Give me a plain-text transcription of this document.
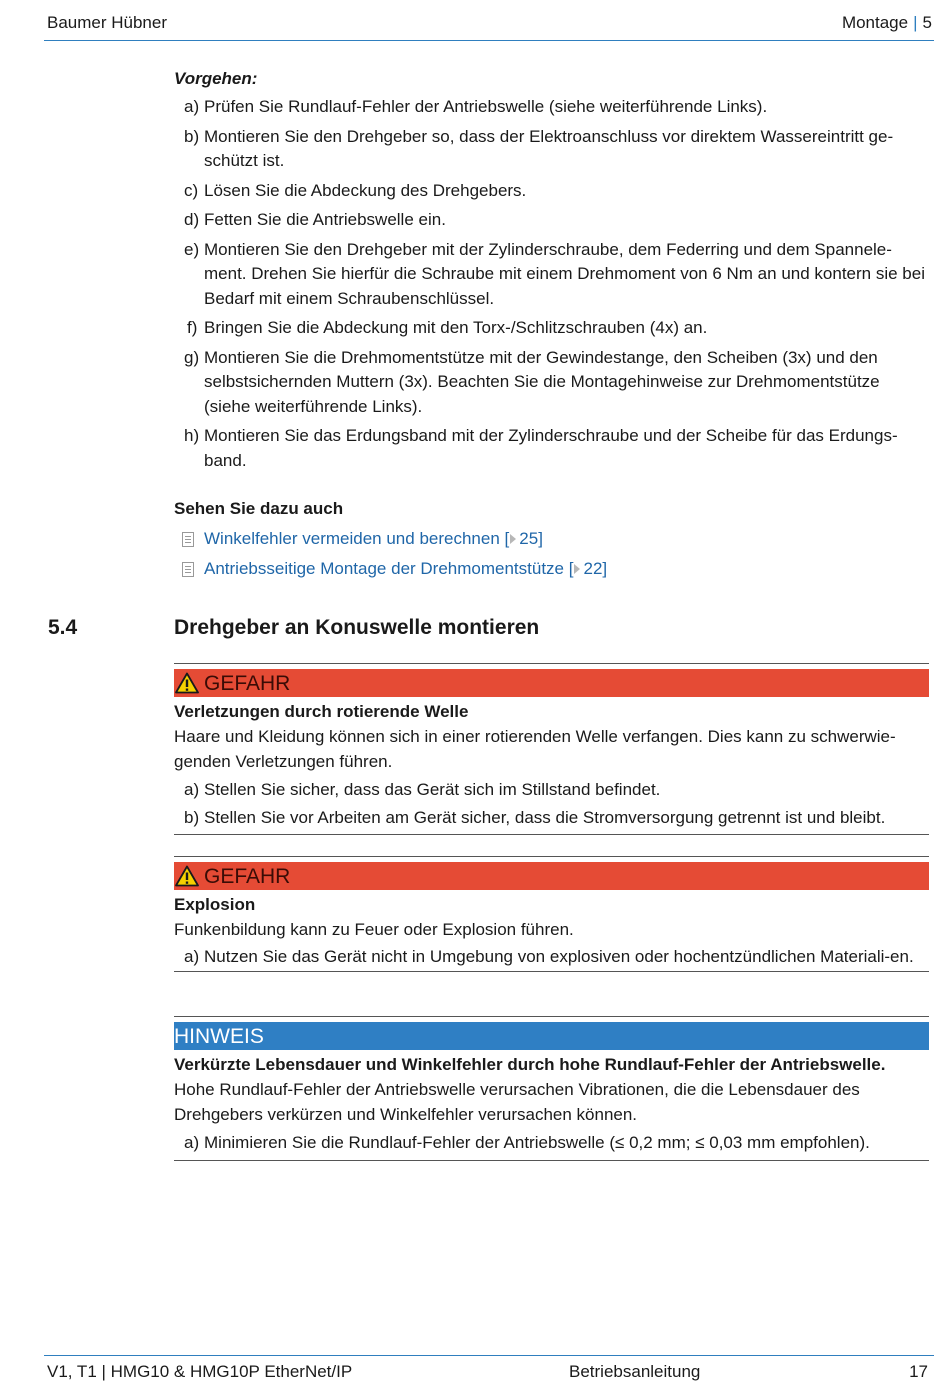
Baumer Hübner	Montage | 5
Vorgehen:
a) Prüfen Sie Rundlauf-Fehler der Antriebswelle (siehe weiterführende Links).
b) Montieren Sie den Drehgeber so, dass der Elektroanschluss vor direktem Wassereintritt ge-schützt ist.
c) Lösen Sie die Abdeckung des Drehgebers.
d) Fetten Sie die Antriebswelle ein.
e) Montieren Sie den Drehgeber mit der Zylinderschraube, dem Federring und dem Spannele-ment. Drehen Sie hierfür die Schraube mit einem Drehmoment von 6 Nm an und kontern sie bei Bedarf mit einem Schraubenschlüssel.
f) Bringen Sie die Abdeckung mit den Torx-/Schlitzschrauben (4x) an.
g) Montieren Sie die Drehmomentstütze mit der Gewindestange, den Scheiben (3x) und den selbstsichernden Muttern (3x). Beachten Sie die Montagehinweise zur Drehmomentstütze (siehe weiterführende Links).
h) Montieren Sie das Erdungsband mit der Zylinderschraube und der Scheibe für das Erdungs-band.
Sehen Sie dazu auch
Winkelfehler vermeiden und berechnen [ 25]
Antriebsseitige Montage der Drehmomentstütze [ 22]
5.4	Drehgeber an Konuswelle montieren
GEFAHR
Verletzungen durch rotierende Welle
Haare und Kleidung können sich in einer rotierenden Welle verfangen. Dies kann zu schwerwie-genden Verletzungen führen.
a) Stellen Sie sicher, dass das Gerät sich im Stillstand befindet.
b) Stellen Sie vor Arbeiten am Gerät sicher, dass die Stromversorgung getrennt ist und bleibt.
GEFAHR
Explosion
Funkenbildung kann zu Feuer oder Explosion führen.
a) Nutzen Sie das Gerät nicht in Umgebung von explosiven oder hochentzündlichen Materiali-en.
HINWEIS
Verkürzte Lebensdauer und Winkelfehler durch hohe Rundlauf-Fehler der Antriebswelle.
Hohe Rundlauf-Fehler der Antriebswelle verursachen Vibrationen, die die Lebensdauer des Drehgebers verkürzen und Winkelfehler verursachen können.
a) Minimieren Sie die Rundlauf-Fehler der Antriebswelle (≤ 0,2 mm; ≤ 0,03 mm empfohlen).
V1, T1 | HMG10 & HMG10P EtherNet/IP	Betriebsanleitung	17
